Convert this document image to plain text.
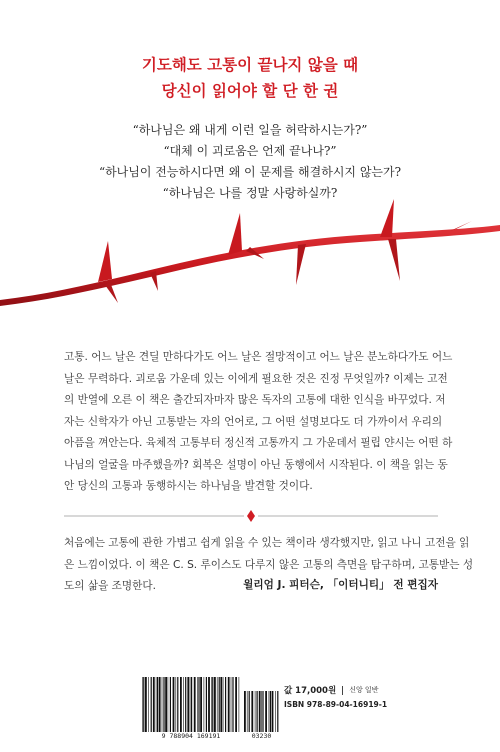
기도해도 고통이 끝나지 않을 때
당신이 읽어야 할 단 한 권
“하나님은 왜 내게 이런 일을 허락하시는가?”
“대체 이 괴로움은 언제 끝나나?”
“하나님이 전능하시다면 왜 이 문제를 해결하시지 않는가?
“하나님은 나를 정말 사랑하실까?
고통. 어느 날은 견딜 만하다가도 어느 날은 절망적이고 어느 날은 분노하다가도 어느
날은 무력하다. 괴로움 가운데 있는 이에게 필요한 것은 진정 무엇일까? 이제는 고전
의 반열에 오른 이 책은 출간되자마자 많은 독자의 고통에 대한 인식을 바꾸었다. 저
자는 신학자가 아닌 고통받는 자의 언어로, 그 어떤 설명보다도 더 가까이서 우리의
아픔을 껴안는다. 육체적 고통부터 정신적 고통까지 그 가운데서 필립 얀시는 어떤 하
나님의 얼굴을 마주했을까? 회복은 설명이 아닌 동행에서 시작된다. 이 책을 읽는 동
안 당신의 고통과 동행하시는 하나님을 발견할 것이다.
처음에는 고통에 관한 가볍고 쉽게 읽을 수 있는 책이라 생각했지만, 읽고 나니 고전을 읽
은 느낌이었다. 이 책은 C. S. 루이스도 다루지 않은 고통의 측면을 탐구하며, 고통받는 성
도의 삶을 조명한다.	윌리엄 J. 피터슨, 「이터니티」 전 편집자
9 788904 169191	03230
값 17,000원 신앙 일반
ISBN 978-89-04-16919-1
